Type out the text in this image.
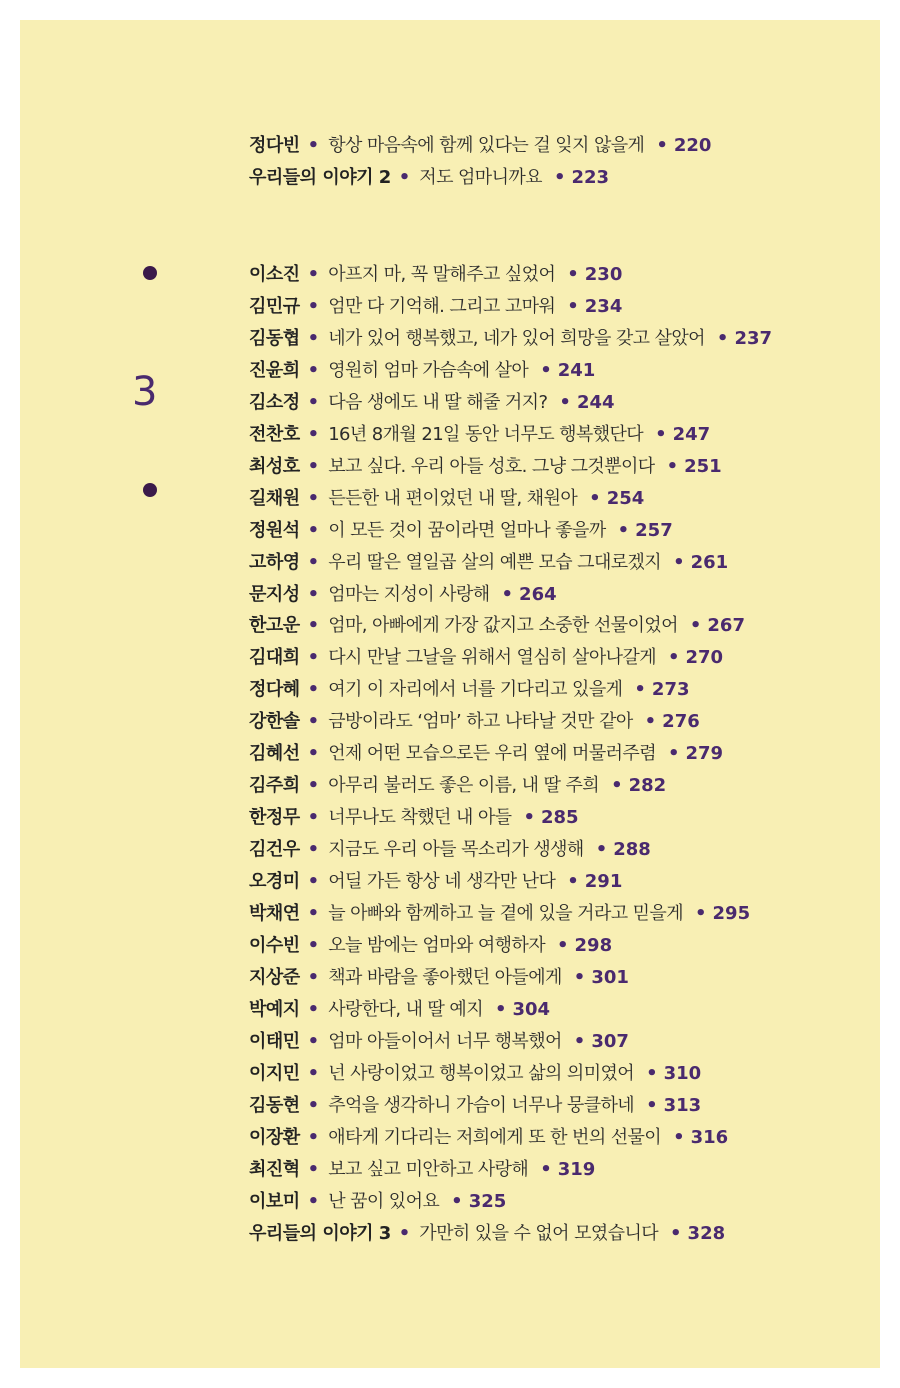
3
정다빈 • 항상 마음속에 함께 있다는 걸 잊지 않을게 • 220
우리들의 이야기 2 • 저도 엄마니까요 • 223
이소진 • 아프지 마, 꼭 말해주고 싶었어 • 230
김민규 • 엄만 다 기억해. 그리고 고마워 • 234
김동협 • 네가 있어 행복했고, 네가 있어 희망을 갖고 살았어 • 237
진윤희 • 영원히 엄마 가슴속에 살아 • 241
김소정 • 다음 생에도 내 딸 해줄 거지? • 244
전찬호 • 16년 8개월 21일 동안 너무도 행복했단다 • 247
최성호 • 보고 싶다. 우리 아들 성호. 그냥 그것뿐이다 • 251
길채원 • 든든한 내 편이었던 내 딸, 채원아 • 254
정원석 • 이 모든 것이 꿈이라면 얼마나 좋을까 • 257
고하영 • 우리 딸은 열일곱 살의 예쁜 모습 그대로겠지 • 261
문지성 • 엄마는 지성이 사랑해 • 264
한고운 • 엄마, 아빠에게 가장 값지고 소중한 선물이었어 • 267
김대희 • 다시 만날 그날을 위해서 열심히 살아나갈게 • 270
정다혜 • 여기 이 자리에서 너를 기다리고 있을게 • 273
강한솔 • 금방이라도 ‘엄마’ 하고 나타날 것만 같아 • 276
김혜선 • 언제 어떤 모습으로든 우리 옆에 머물러주렴 • 279
김주희 • 아무리 불러도 좋은 이름, 내 딸 주희 • 282
한정무 • 너무나도 착했던 내 아들 • 285
김건우 • 지금도 우리 아들 목소리가 생생해 • 288
오경미 • 어딜 가든 항상 네 생각만 난다 • 291
박채연 • 늘 아빠와 함께하고 늘 곁에 있을 거라고 믿을게 • 295
이수빈 • 오늘 밤에는 엄마와 여행하자 • 298
지상준 • 책과 바람을 좋아했던 아들에게 • 301
박예지 • 사랑한다, 내 딸 예지 • 304
이태민 • 엄마 아들이어서 너무 행복했어 • 307
이지민 • 넌 사랑이었고 행복이었고 삶의 의미였어 • 310
김동현 • 추억을 생각하니 가슴이 너무나 뭉클하네 • 313
이장환 • 애타게 기다리는 저희에게 또 한 번의 선물이 • 316
최진혁 • 보고 싶고 미안하고 사랑해 • 319
이보미 • 난 꿈이 있어요 • 325
우리들의 이야기 3 • 가만히 있을 수 없어 모였습니다 • 328
